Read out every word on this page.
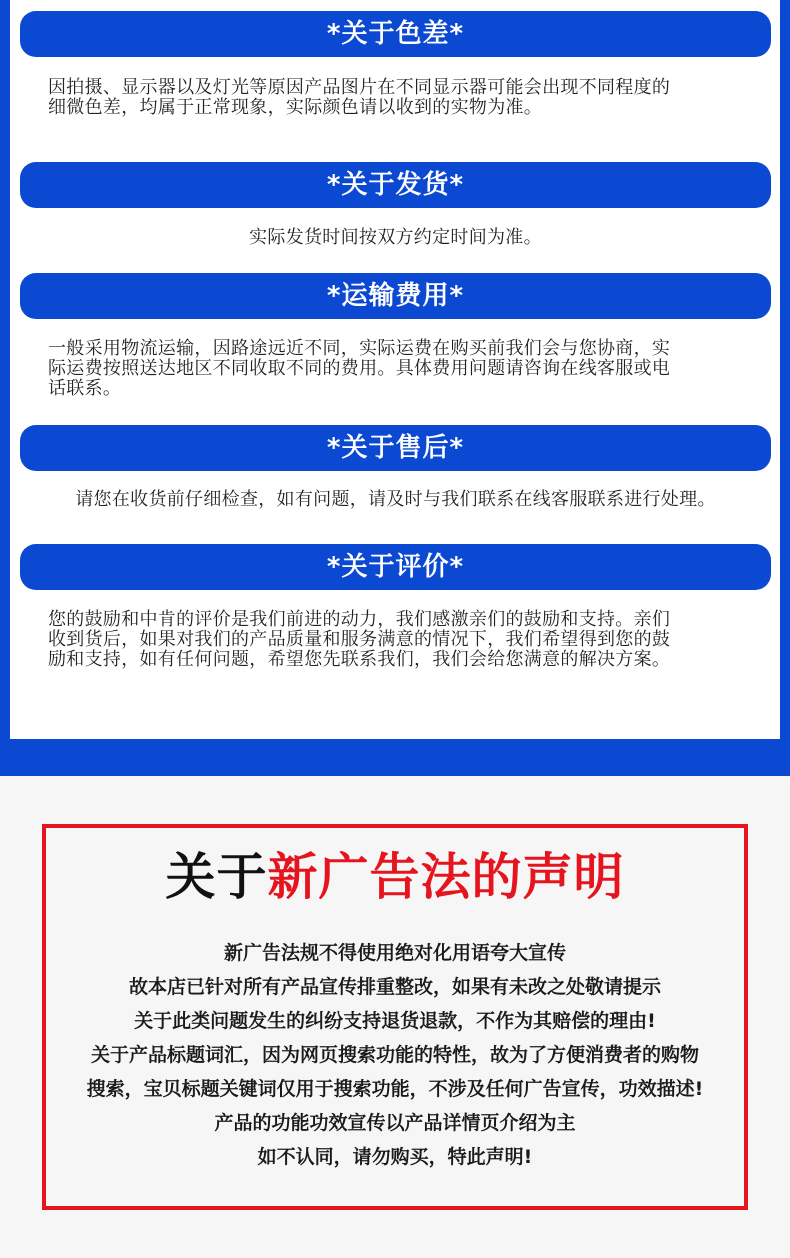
*关于色差*
因拍摄、显示器以及灯光等原因产品图片在不同显示器可能会出现不同程度的
细微色差，均属于正常现象，实际颜色请以收到的实物为准。
*关于发货*
实际发货时间按双方约定时间为准。
*运输费用*
一般采用物流运输，因路途远近不同，实际运费在购买前我们会与您协商，实
际运费按照送达地区不同收取不同的费用。具体费用问题请咨询在线客服或电
话联系。
*关于售后*
请您在收货前仔细检查，如有问题，请及时与我们联系在线客服联系进行处理。
*关于评价*
您的鼓励和中肯的评价是我们前进的动力，我们感激亲们的鼓励和支持。亲们
收到货后，如果对我们的产品质量和服务满意的情况下，我们希望得到您的鼓
励和支持，如有任何问题，希望您先联系我们，我们会给您满意的解决方案。
关于新广告法的声明
新广告法规不得使用绝对化用语夸大宣传
故本店已针对所有产品宣传排重整改，如果有未改之处敬请提示
关于此类问题发生的纠纷支持退货退款，不作为其赔偿的理由!
关于产品标题词汇，因为网页搜索功能的特性，故为了方便消费者的购物
搜索，宝贝标题关键词仅用于搜索功能，不涉及任何广告宣传，功效描述!
产品的功能功效宣传以产品详情页介绍为主
如不认同，请勿购买，特此声明!
